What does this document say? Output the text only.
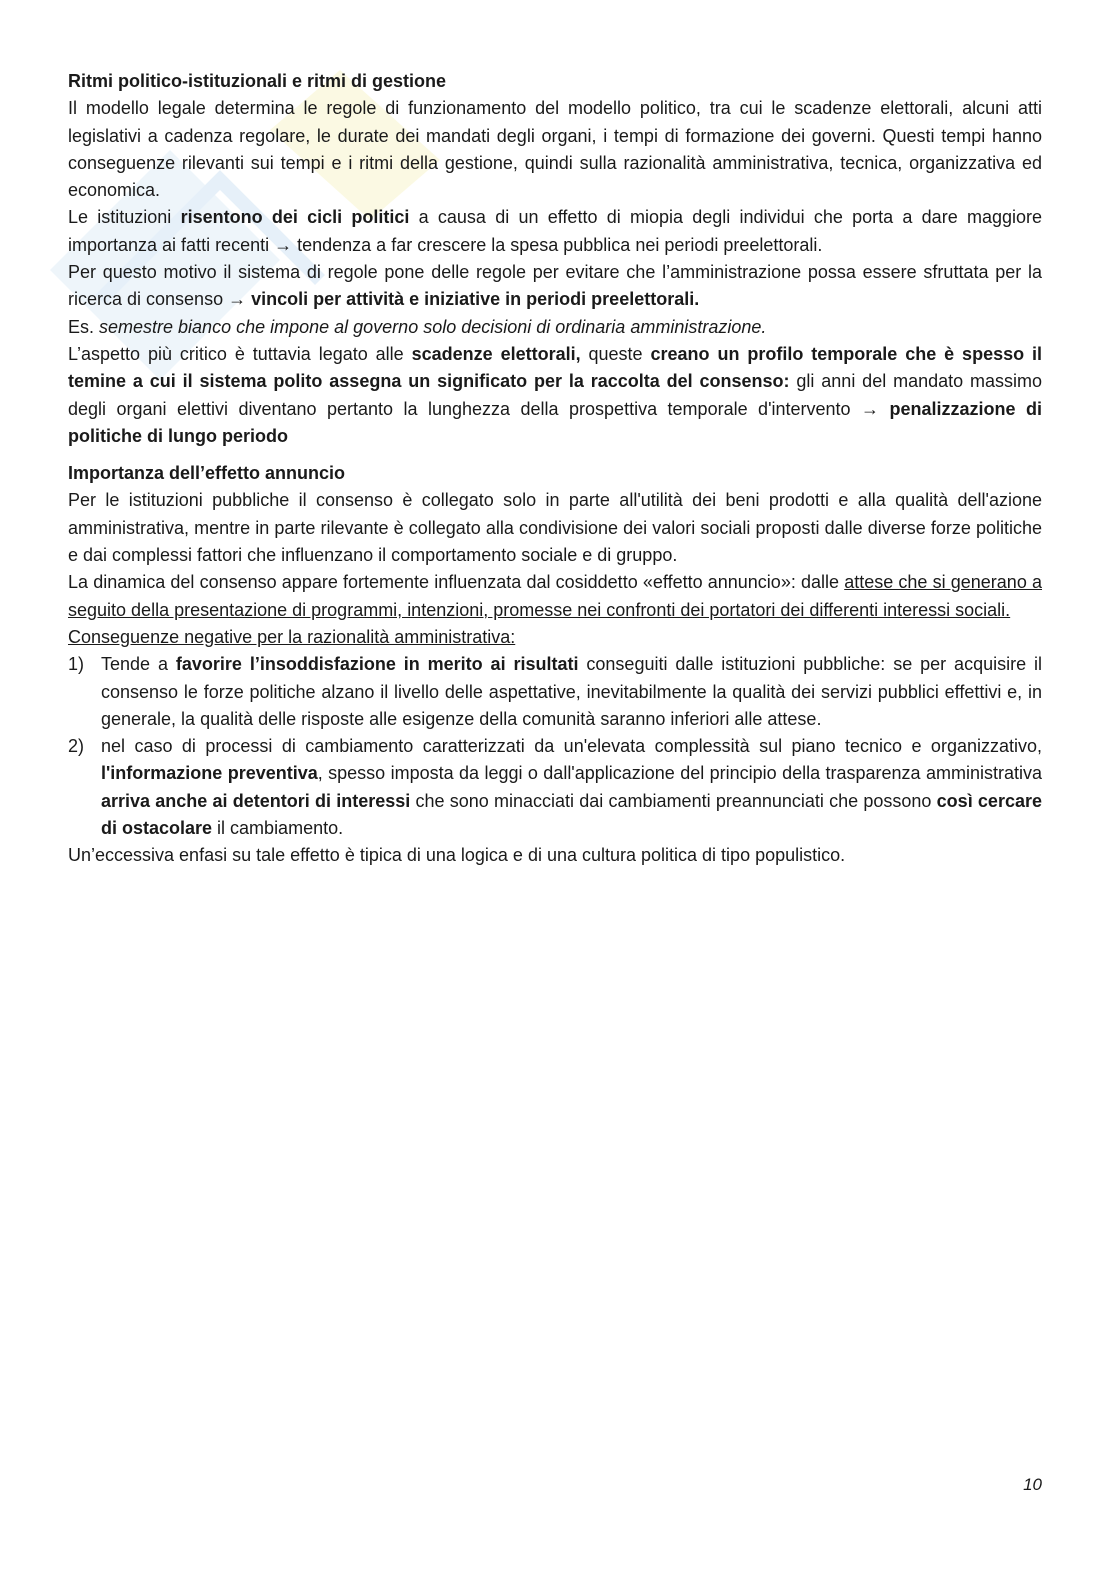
Ritmi politico-istituzionali e ritmi di gestione

Il modello legale determina le regole di funzionamento del modello politico, tra cui le scadenze elettorali, alcuni atti legislativi a cadenza regolare, le durate dei mandati degli organi, i tempi di formazione dei governi. Questi tempi hanno conseguenze rilevanti sui tempi e i ritmi della gestione, quindi sulla razionalità amministrativa, tecnica, organizzativa ed economica.

Le istituzioni risentono dei cicli politici a causa di un effetto di miopia degli individui che porta a dare maggiore importanza ai fatti recenti → tendenza a far crescere la spesa pubblica nei periodi preelettorali.

Per questo motivo il sistema di regole pone delle regole per evitare che l’amministrazione possa essere sfruttata per la ricerca di consenso → vincoli per attività e iniziative in periodi preelettorali.

Es. semestre bianco che impone al governo solo decisioni di ordinaria amministrazione.

L’aspetto più critico è tuttavia legato alle scadenze elettorali, queste creano un profilo temporale che è spesso il temine a cui il sistema polito assegna un significato per la raccolta del consenso: gli anni del mandato massimo degli organi elettivi diventano pertanto la lunghezza della prospettiva temporale d'intervento → penalizzazione di politiche di lungo periodo

Importanza dell’effetto annuncio

Per le istituzioni pubbliche il consenso è collegato solo in parte all'utilità dei beni prodotti e alla qualità dell'azione amministrativa, mentre in parte rilevante è collegato alla condivisione dei valori sociali proposti dalle diverse forze politiche e dai complessi fattori che influenzano il comportamento sociale e di gruppo.

La dinamica del consenso appare fortemente influenzata dal cosiddetto «effetto annuncio»: dalle attese che si generano a seguito della presentazione di programmi, intenzioni, promesse nei confronti dei portatori dei differenti interessi sociali.

Conseguenze negative per la razionalità amministrativa:

1) Tende a favorire l’insoddisfazione in merito ai risultati conseguiti dalle istituzioni pubbliche: se per acquisire il consenso le forze politiche alzano il livello delle aspettative, inevitabilmente la qualità dei servizi pubblici effettivi e, in generale, la qualità delle risposte alle esigenze della comunità saranno inferiori alle attese.
2) nel caso di processi di cambiamento caratterizzati da un'elevata complessità sul piano tecnico e organizzativo, l'informazione preventiva, spesso imposta da leggi o dall'applicazione del principio della trasparenza amministrativa arriva anche ai detentori di interessi che sono minacciati dai cambiamenti preannunciati che possono così cercare di ostacolare il cambiamento.

Un’eccessiva enfasi su tale effetto è tipica di una logica e di una cultura politica di tipo populistico.

10
